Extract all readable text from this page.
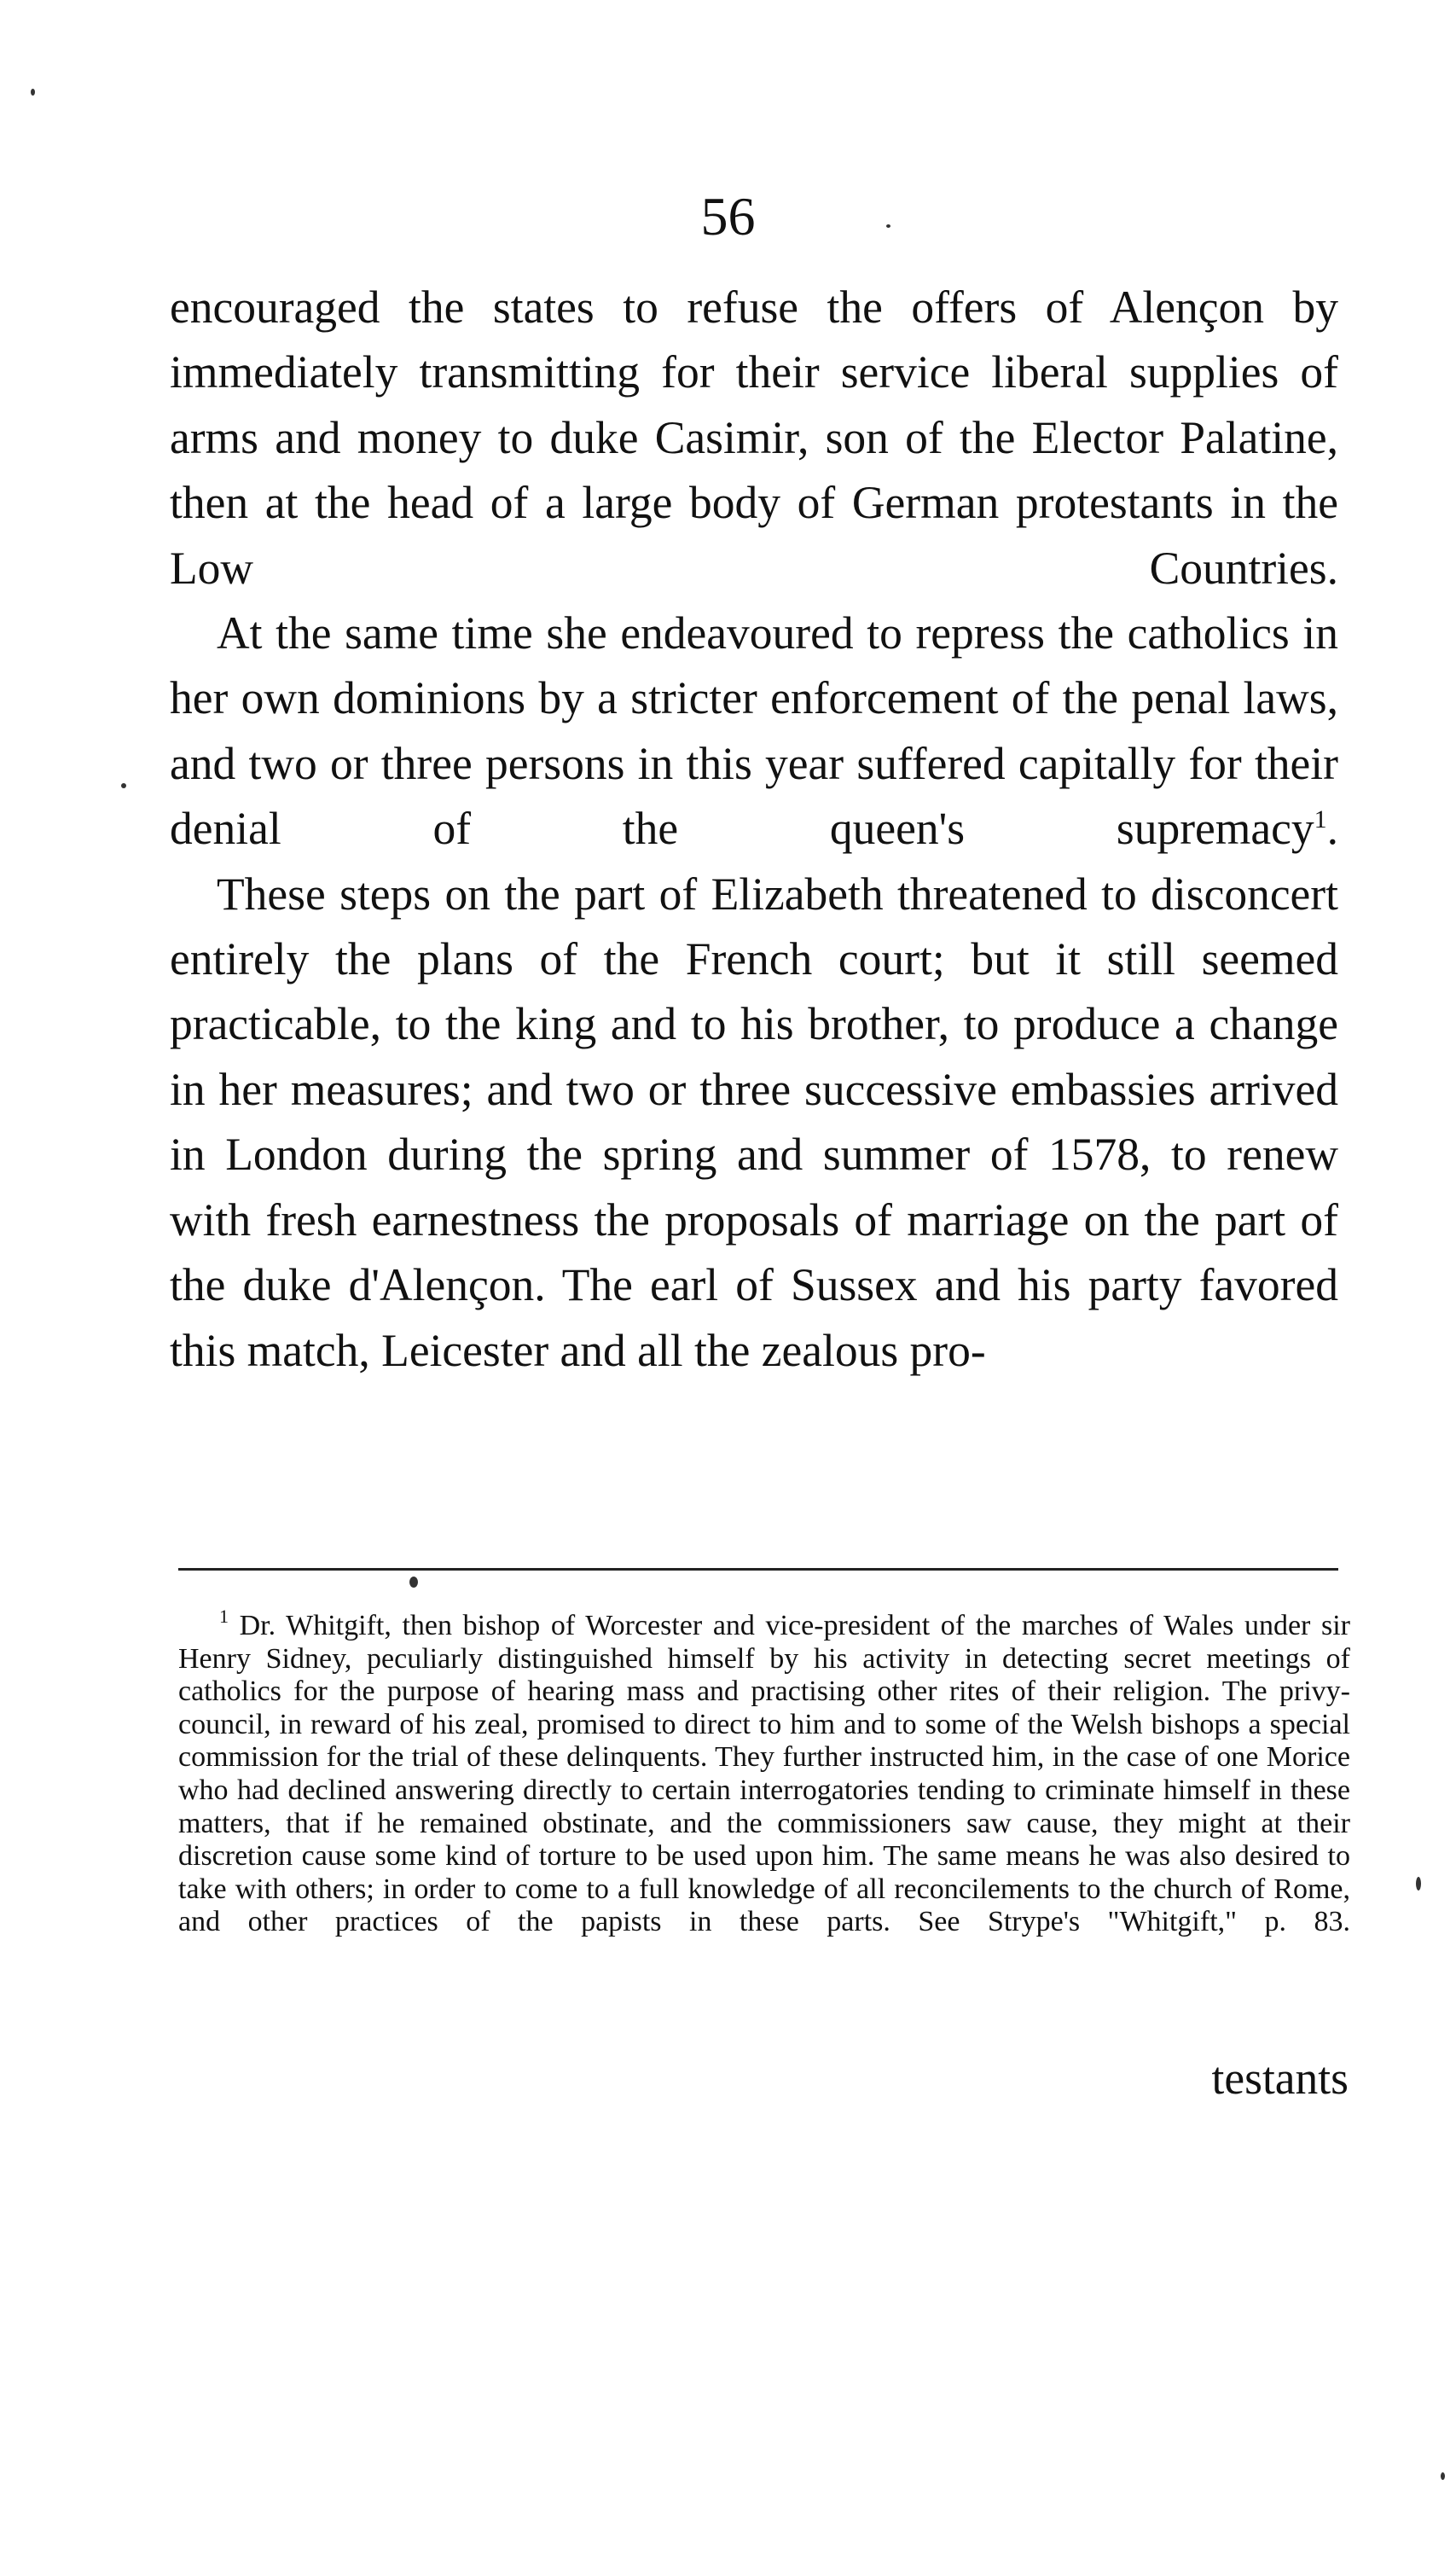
56

encouraged the states to refuse the offers of Alençon by immediately transmitting for their service liberal supplies of arms and money to duke Casimir, son of the Elector Palatine, then at the head of a large body of German protestants in the Low Countries.

At the same time she endeavoured to repress the catholics in her own dominions by a stricter enforcement of the penal laws, and two or three persons in this year suffered capitally for their denial of the queen's supremacy$^1$.

These steps on the part of Elizabeth threatened to disconcert entirely the plans of the French court; but it still seemed practicable, to the king and to his brother, to produce a change in her measures; and two or three successive embassies arrived in London during the spring and summer of 1578, to renew with fresh earnestness the proposals of marriage on the part of the duke d'Alençon. The earl of Sussex and his party favored this match, Leicester and all the zealous pro-

$^1$ Dr. Whitgift, then bishop of Worcester and vice-president of the marches of Wales under sir Henry Sidney, peculiarly distinguished himself by his activity in detecting secret meetings of catholics for the purpose of hearing mass and practising other rites of their religion. The privy-council, in reward of his zeal, promised to direct to him and to some of the Welsh bishops a special commission for the trial of these delinquents. They further instructed him, in the case of one Morice who had declined answering directly to certain interrogatories tending to criminate himself in these matters, that if he remained obstinate, and the commissioners saw cause, they might at their discretion cause some kind of torture to be used upon him. The same means he was also desired to take with others; in order to come to a full knowledge of all reconcilements to the church of Rome, and other practices of the papists in these parts. See Strype's "Whitgift," p. 83.
testants
